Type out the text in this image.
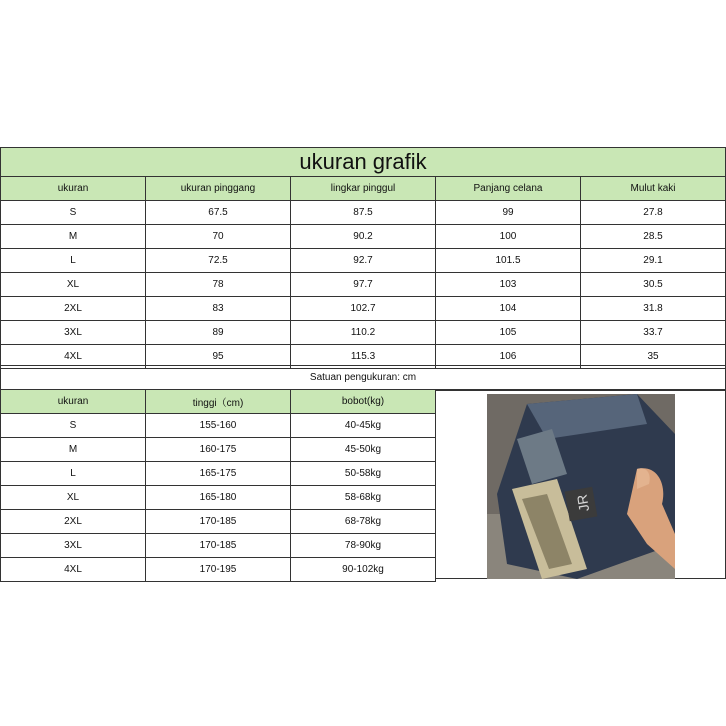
ukuran grafik
ukuran	ukuran pinggang	lingkar pinggul	Panjang celana	Mulut kaki
S	67.5	87.5	99	27.8
M	70	90.2	100	28.5
L	72.5	92.7	101.5	29.1
XL	78	97.7	103	30.5
2XL	83	102.7	104	31.8
3XL	89	110.2	105	33.7
4XL	95	115.3	106	35
Satuan pengukuran: cm
ukuran	tinggi（cm)	bobot(kg)
S	155-160	40-45kg
M	160-175	45-50kg
L	165-175	50-58kg
XL	165-180	58-68kg
2XL	170-185	68-78kg
3XL	170-185	78-90kg
4XL	170-195	90-102kg
JR
